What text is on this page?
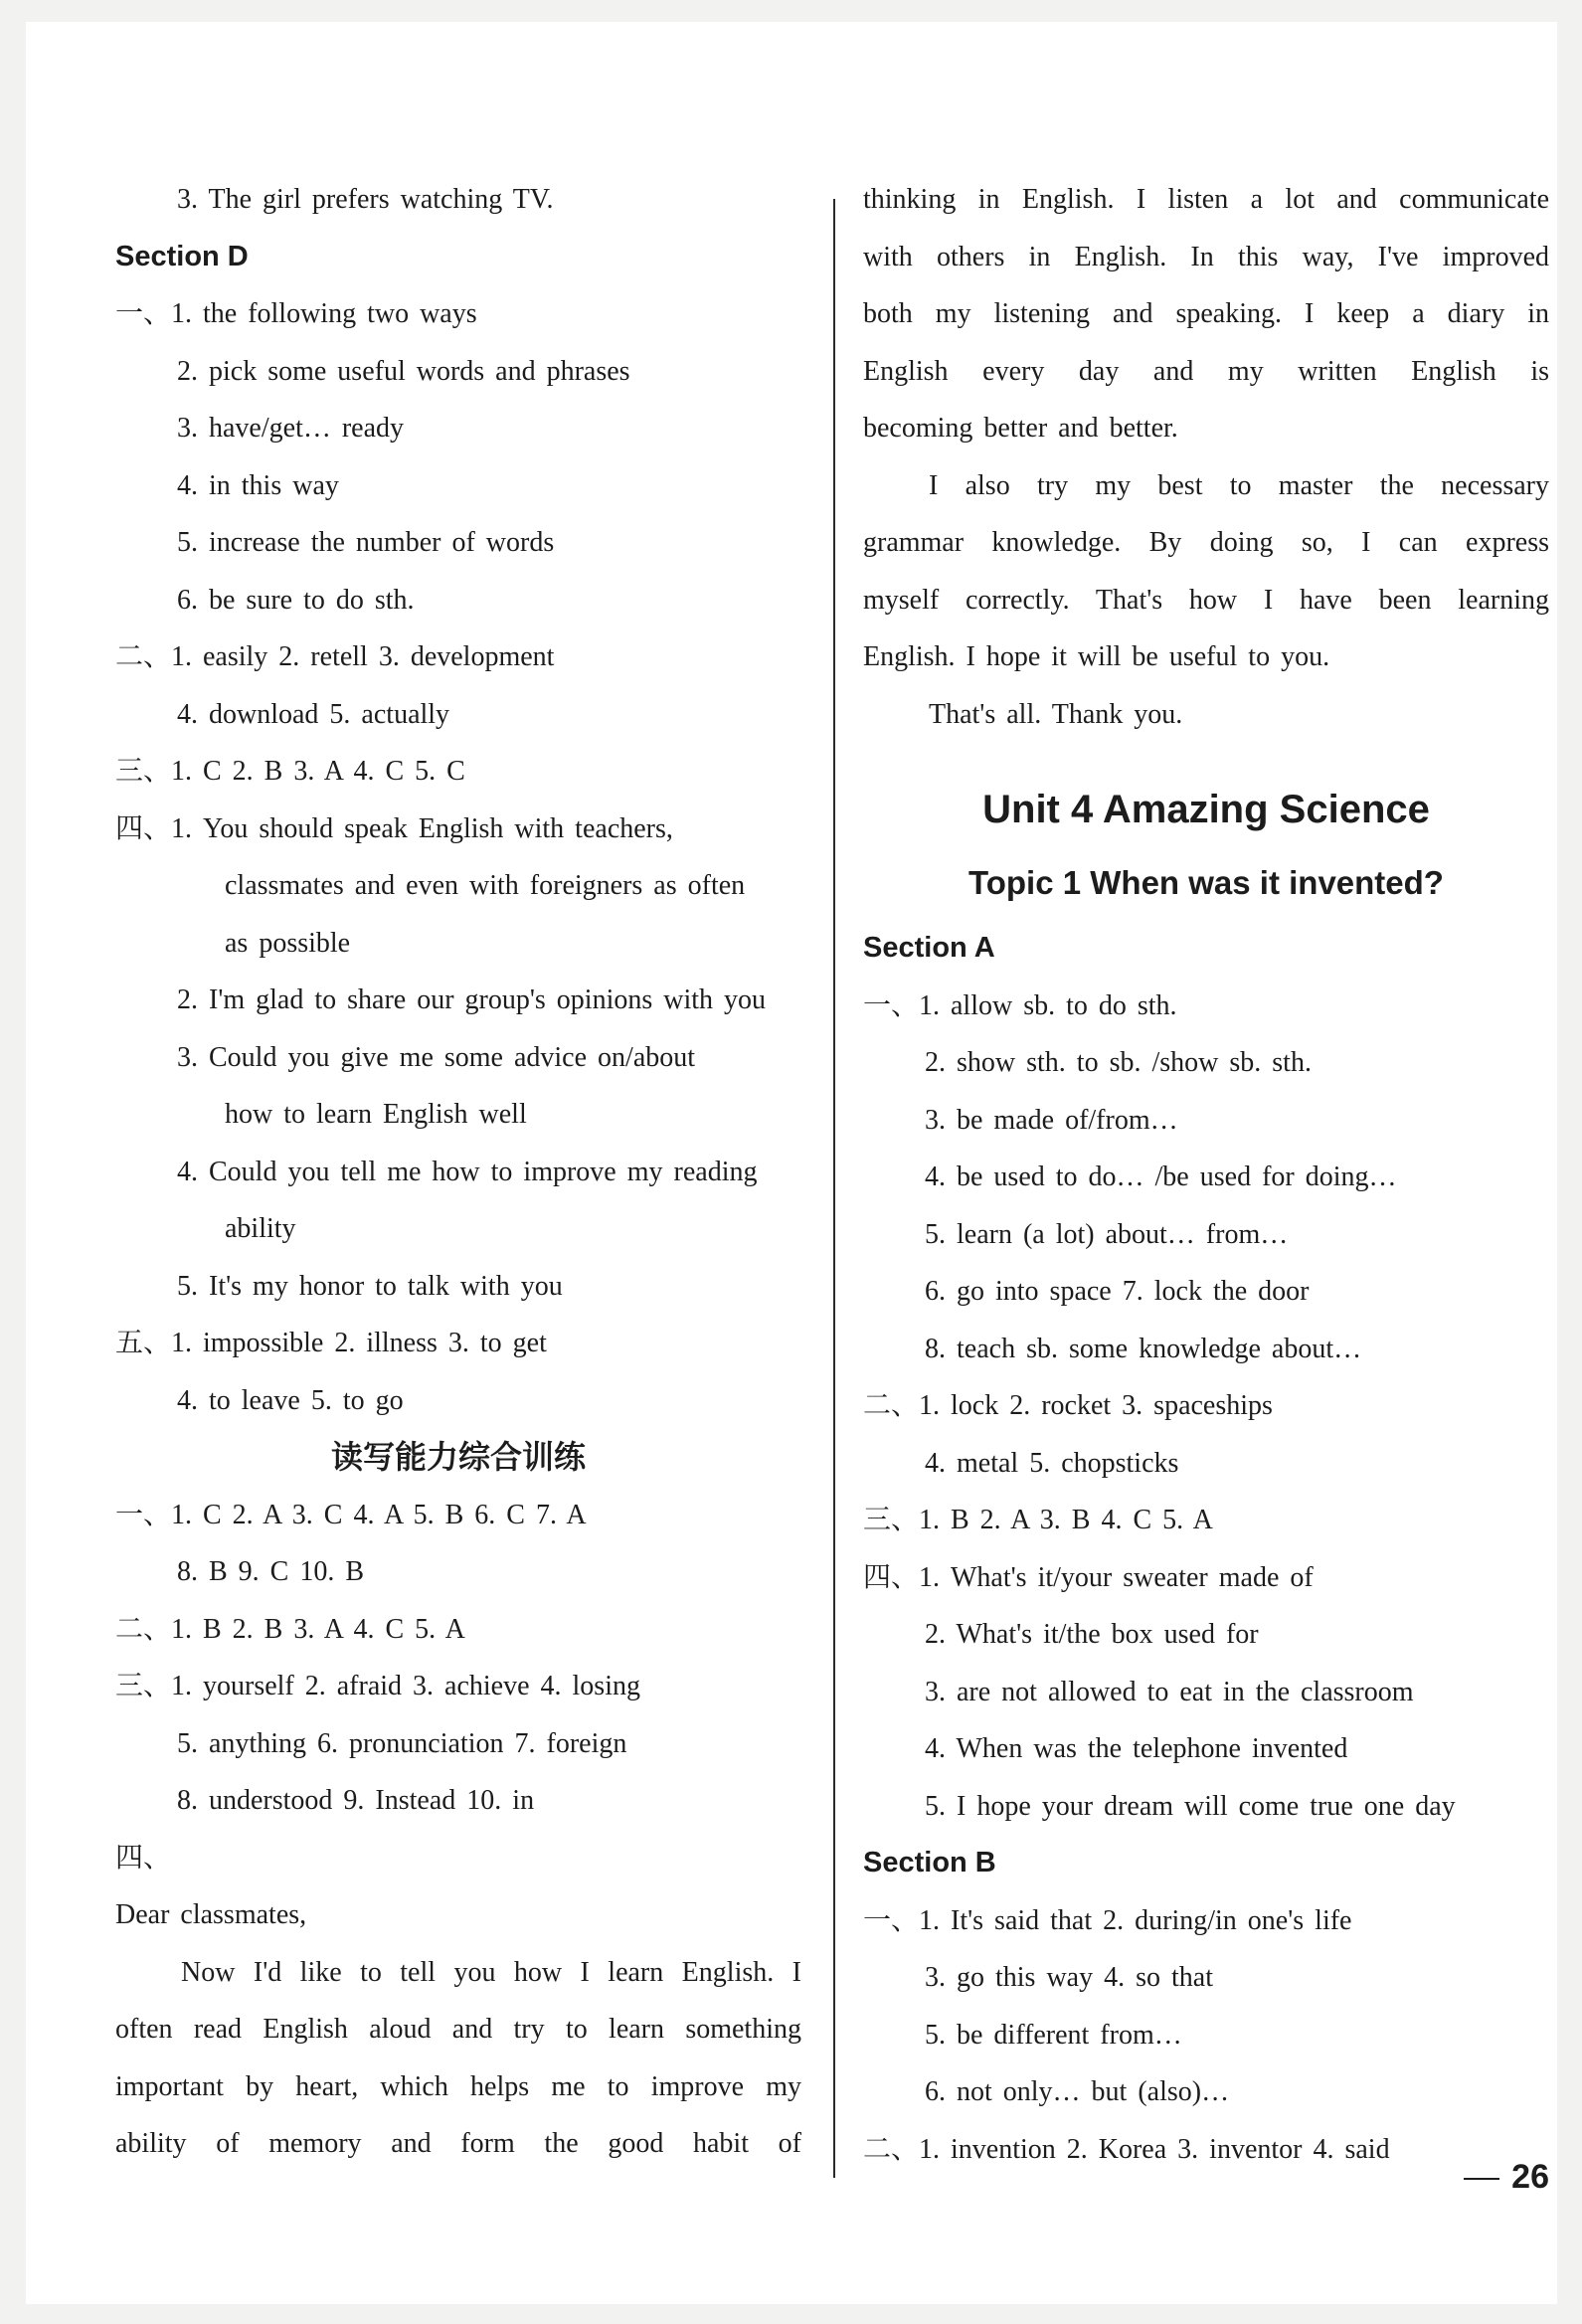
3. The girl prefers watching TV.
Section D
一、1. the following two ways
2. pick some useful words and phrases
3. have/get… ready
4. in this way
5. increase the number of words
6. be sure to do sth.
二、1. easily 2. retell 3. development
4. download 5. actually
三、1. C 2. B 3. A 4. C 5. C
四、1. You should speak English with teachers,
classmates and even with foreigners as often
as possible
2. I'm glad to share our group's opinions with you
3. Could you give me some advice on/about
how to learn English well
4. Could you tell me how to improve my reading
ability
5. It's my honor to talk with you
五、1. impossible 2. illness 3. to get
4. to leave 5. to go
读写能力综合训练
一、1. C 2. A 3. C 4. A 5. B 6. C 7. A
8. B 9. C 10. B
二、1. B 2. B 3. A 4. C 5. A
三、1. yourself 2. afraid 3. achieve 4. losing
5. anything 6. pronunciation 7. foreign
8. understood 9. Instead 10. in
四、
Dear classmates,
Now I'd like to tell you how I learn English. I
often read English aloud and try to learn something
important by heart, which helps me to improve my
ability of memory and form the good habit of
thinking in English. I listen a lot and communicate
with others in English. In this way, I've improved
both my listening and speaking. I keep a diary in
English every day and my written English is
becoming better and better.
I also try my best to master the necessary
grammar knowledge. By doing so, I can express
myself correctly. That's how I have been learning
English. I hope it will be useful to you.
That's all. Thank you.
Unit 4 Amazing Science
Topic 1 When was it invented?
Section A
一、1. allow sb. to do sth.
2. show sth. to sb. /show sb. sth.
3. be made of/from…
4. be used to do… /be used for doing…
5. learn (a lot) about… from…
6. go into space 7. lock the door
8. teach sb. some knowledge about…
二、1. lock 2. rocket 3. spaceships
4. metal 5. chopsticks
三、1. B 2. A 3. B 4. C 5. A
四、1. What's it/your sweater made of
2. What's it/the box used for
3. are not allowed to eat in the classroom
4. When was the telephone invented
5. I hope your dream will come true one day
Section B
一、1. It's said that 2. during/in one's life
3. go this way 4. so that
5. be different from…
6. not only… but (also)…
二、1. invention 2. Korea 3. inventor 4. said
26
